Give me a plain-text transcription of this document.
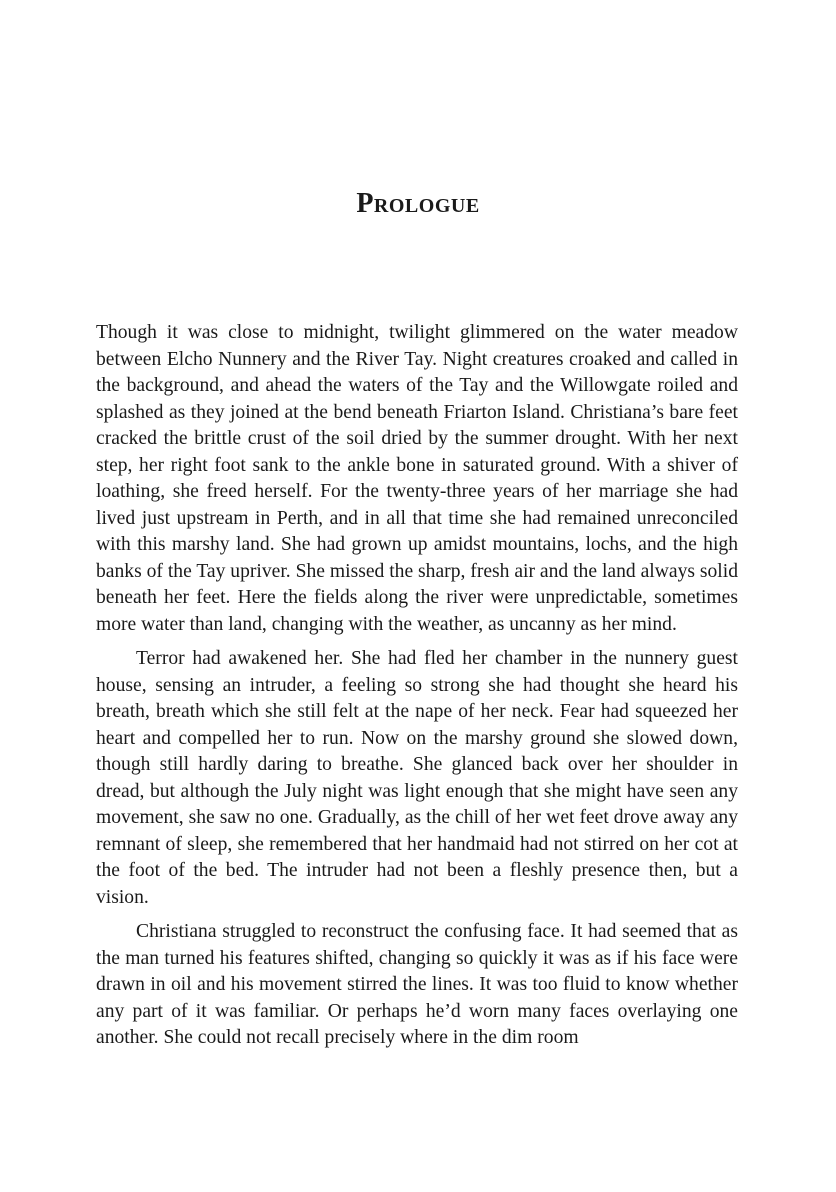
Prologue

Though it was close to midnight, twilight glimmered on the water meadow between Elcho Nunnery and the River Tay. Night creatures croaked and called in the background, and ahead the waters of the Tay and the Willowgate roiled and splashed as they joined at the bend beneath Friarton Island. Christiana’s bare feet cracked the brittle crust of the soil dried by the summer drought. With her next step, her right foot sank to the ankle bone in saturated ground. With a shiver of loathing, she freed herself. For the twenty-three years of her marriage she had lived just upstream in Perth, and in all that time she had remained unreconciled with this marshy land. She had grown up amidst mountains, lochs, and the high banks of the Tay upriver. She missed the sharp, fresh air and the land always solid beneath her feet. Here the fields along the river were unpredictable, sometimes more water than land, changing with the weather, as uncanny as her mind.

Terror had awakened her. She had fled her chamber in the nunnery guest house, sensing an intruder, a feeling so strong she had thought she heard his breath, breath which she still felt at the nape of her neck. Fear had squeezed her heart and compelled her to run. Now on the marshy ground she slowed down, though still hardly daring to breathe. She glanced back over her shoulder in dread, but although the July night was light enough that she might have seen any movement, she saw no one. Gradually, as the chill of her wet feet drove away any remnant of sleep, she remembered that her handmaid had not stirred on her cot at the foot of the bed. The intruder had not been a fleshly presence then, but a vision.

Christiana struggled to reconstruct the confusing face. It had seemed that as the man turned his features shifted, changing so quickly it was as if his face were drawn in oil and his movement stirred the lines. It was too fluid to know whether any part of it was familiar. Or perhaps he’d worn many faces overlaying one another. She could not recall precisely where in the dim room
